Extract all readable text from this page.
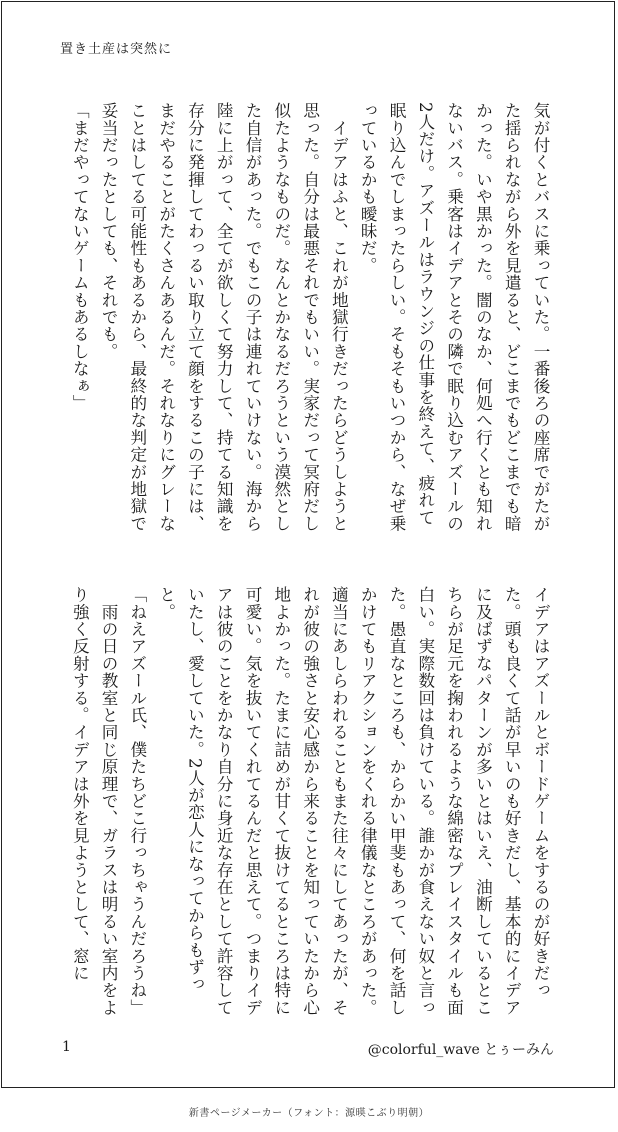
置き土産は突然に
気が付くとバスに乗っていた。一番後ろの座席でがたがた揺られながら外を見遣ると、どこまでもどこまでも暗かった。いや黒かった。闇のなか、何処へ行くとも知れないバス。乗客はイデアとその隣で眠り込むアズールの2人だけ。アズールはラウンジの仕事を終えて、疲れて眠り込んでしまったらしい。そもそもいつから、なぜ乗っているかも曖昧だ。
　イデアはふと、これが地獄行きだったらどうしようと思った。自分は最悪それでもいい。実家だって冥府だし似たようなものだ。なんとかなるだろうという漠然とした自信があった。でもこの子は連れていけない。海から陸に上がって、全てが欲しくて努力して、持てる知識を存分に発揮してわっるい取り立て顔をするこの子には、まだやることがたくさんあるんだ。それなりにグレーなことはしてる可能性もあるから、最終的な判定が地獄で妥当だったとしても、それでも。
「まだやってないゲームもあるしなぁ」
イデアはアズールとボードゲームをするのが好きだった。頭も良くて話が早いのも好きだし、基本的にイデアに及ばずなパターンが多いとはいえ、油断しているとこちらが足元を掬われるような綿密なプレイスタイルも面白い。実際数回は負けている。誰かが食えない奴と言った。愚直なところも、からかい甲斐もあって、何を話しかけてもリアクションをくれる律儀なところがあった。適当にあしらわれることもまた往々にしてあったが、それが彼の強さと安心感から来ることを知っていたから心地よかった。たまに詰めが甘くて抜けてるところは特に可愛い。気を抜いてくれてるんだと思えて。つまりイデアは彼のことをかなり自分に身近な存在として許容していたし、愛していた。2人が恋人になってからもずっと。
「ねえアズール氏、僕たちどこ行っちゃうんだろうね」
　雨の日の教室と同じ原理で、ガラスは明るい室内をより強く反射する。イデアは外を見ようとして、窓に
1	@colorful_wave とぅーみん
新書ページメーカー（フォント：源暎こぶり明朝）
